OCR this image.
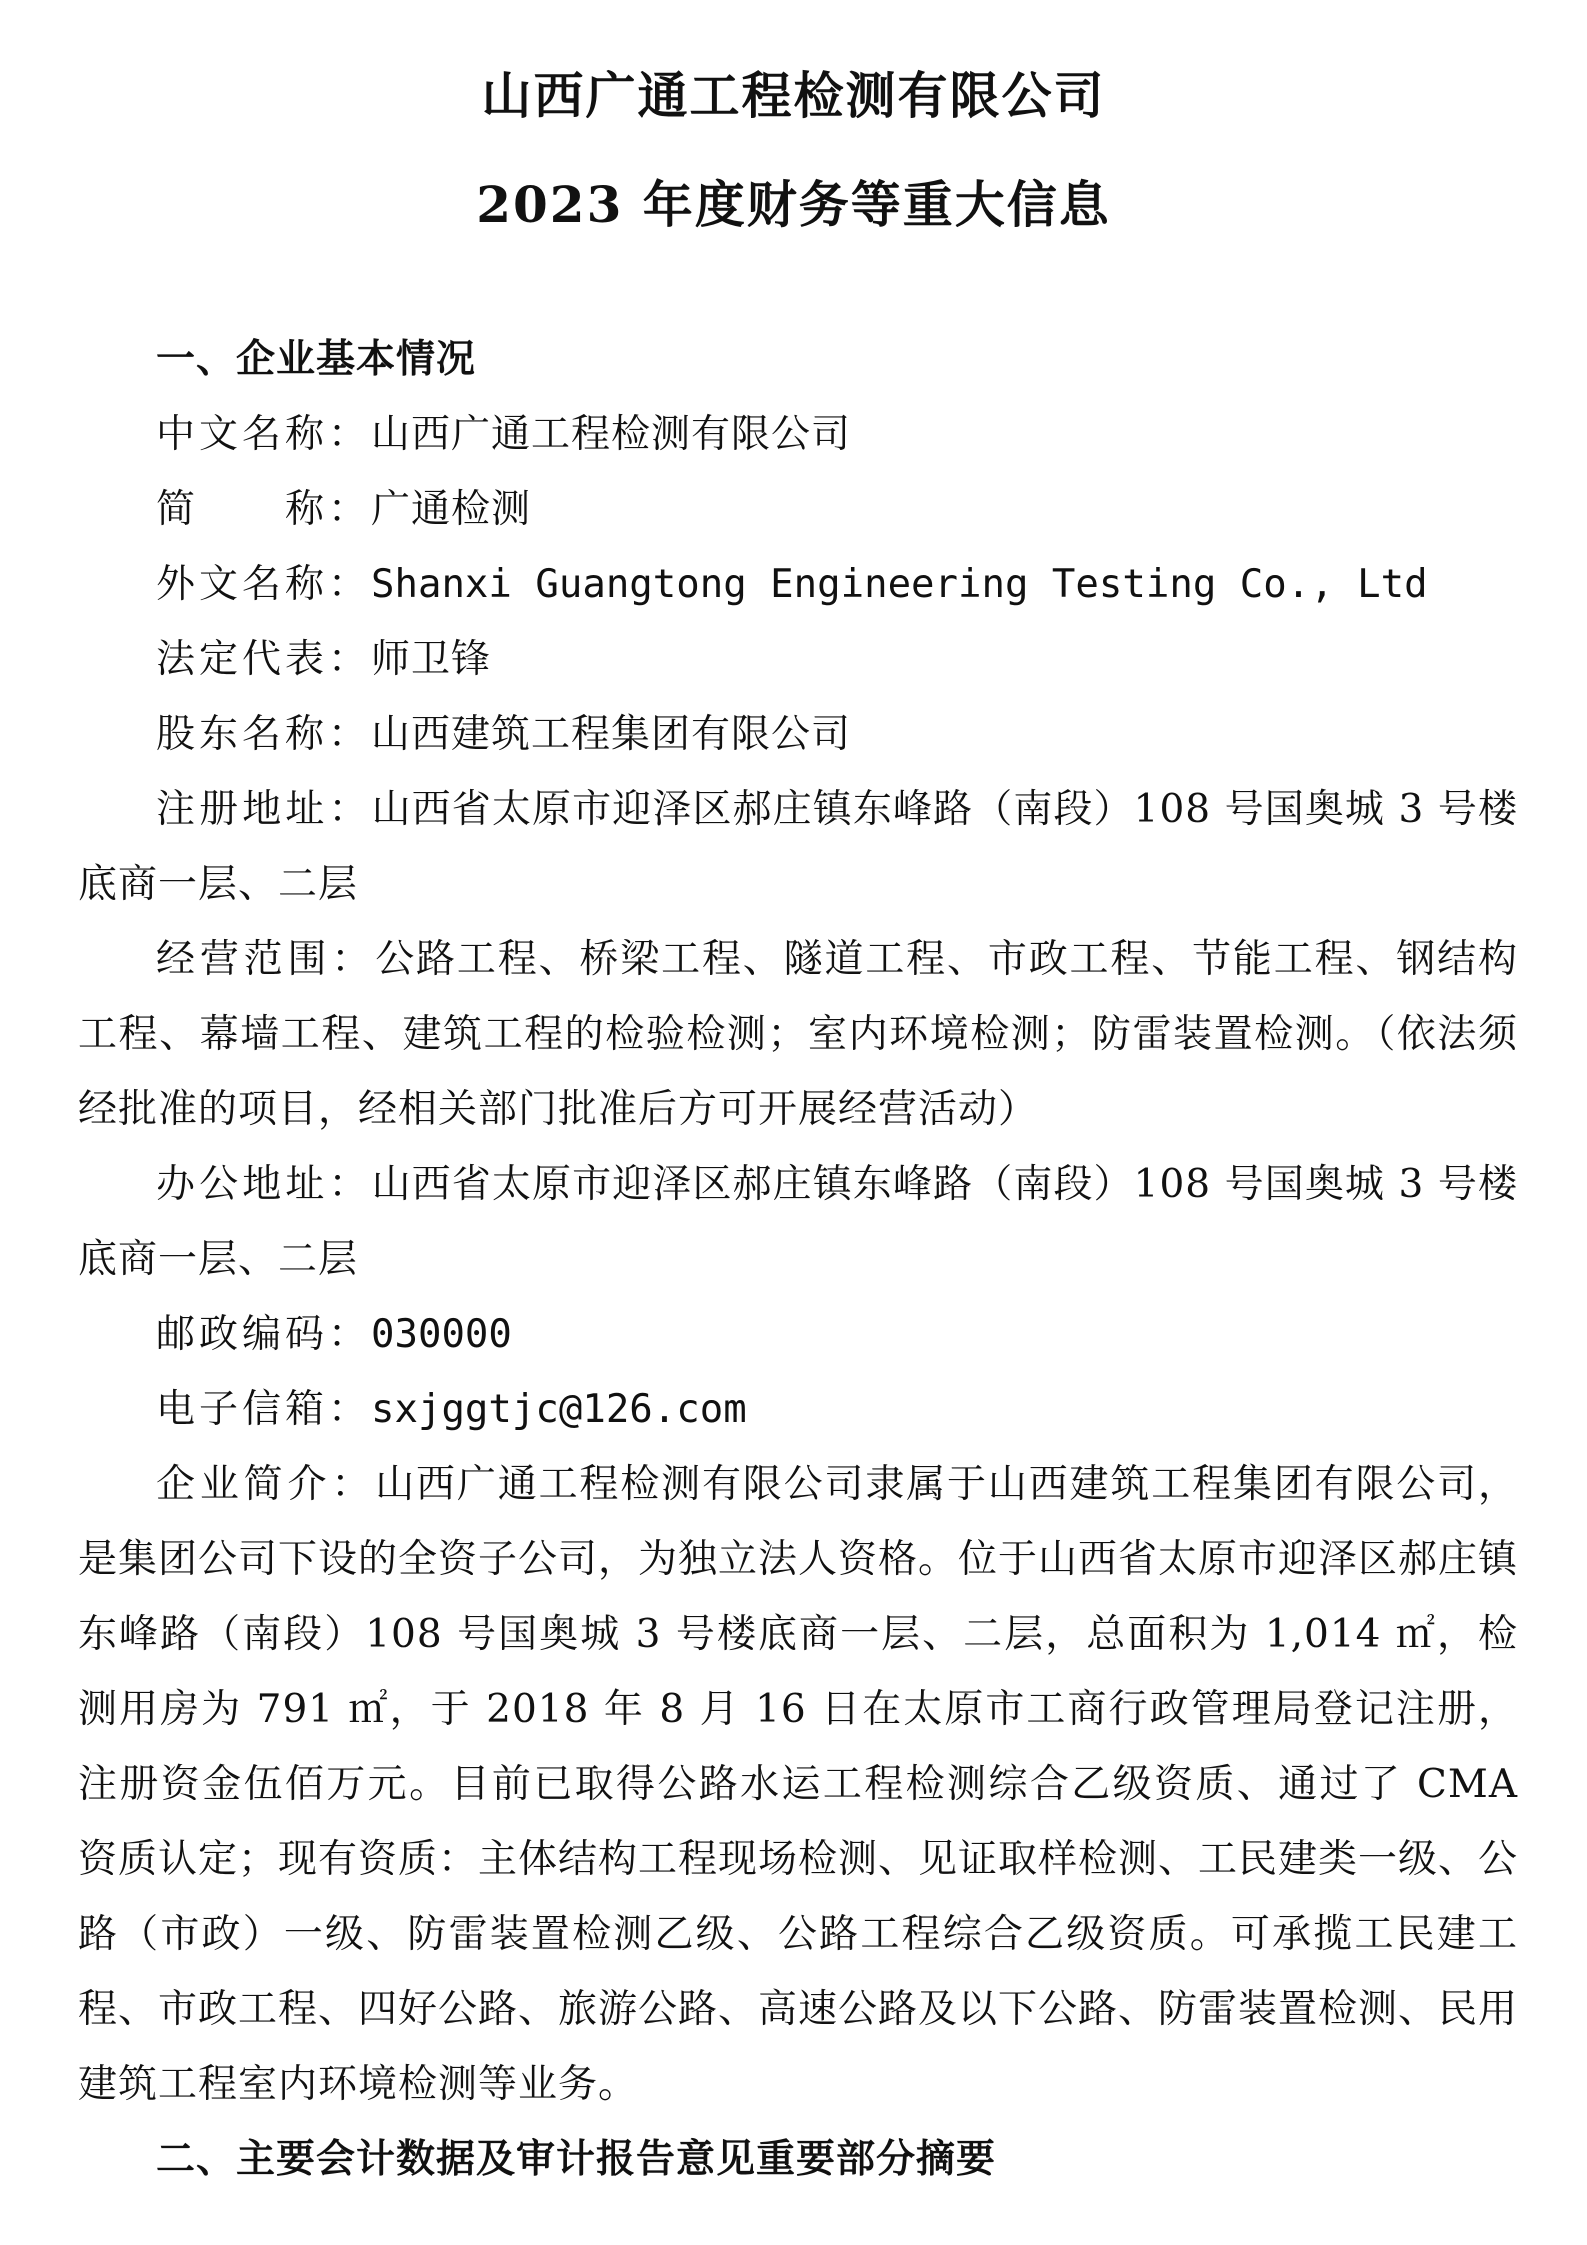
山西广通工程检测有限公司
2023 年度财务等重大信息

一、企业基本情况

中文名称：山西广通工程检测有限公司

简　　称：广通检测

外文名称：Shanxi Guangtong Engineering Testing Co., Ltd

法定代表：师卫锋

股东名称：山西建筑工程集团有限公司

注册地址：山西省太原市迎泽区郝庄镇东峰路（南段）108 号国奥城 3 号楼底商一层、二层

经营范围：公路工程、桥梁工程、隧道工程、市政工程、节能工程、钢结构工程、幕墙工程、建筑工程的检验检测；室内环境检测；防雷装置检测。（依法须经批准的项目，经相关部门批准后方可开展经营活动）

办公地址：山西省太原市迎泽区郝庄镇东峰路（南段）108 号国奥城 3 号楼底商一层、二层

邮政编码：030000

电子信箱：sxjggtjc@126.com

企业简介：山西广通工程检测有限公司隶属于山西建筑工程集团有限公司，是集团公司下设的全资子公司，为独立法人资格。位于山西省太原市迎泽区郝庄镇东峰路（南段）108 号国奥城 3 号楼底商一层、二层，总面积为 1,014 ㎡，检测用房为 791 ㎡，于 2018 年 8 月 16 日在太原市工商行政管理局登记注册，注册资金伍佰万元。目前已取得公路水运工程检测综合乙级资质、通过了 CMA 资质认定；现有资质：主体结构工程现场检测、见证取样检测、工民建类一级、公路（市政）一级、防雷装置检测乙级、公路工程综合乙级资质。可承揽工民建工程、市政工程、四好公路、旅游公路、高速公路及以下公路、防雷装置检测、民用建筑工程室内环境检测等业务。

二、主要会计数据及审计报告意见重要部分摘要
